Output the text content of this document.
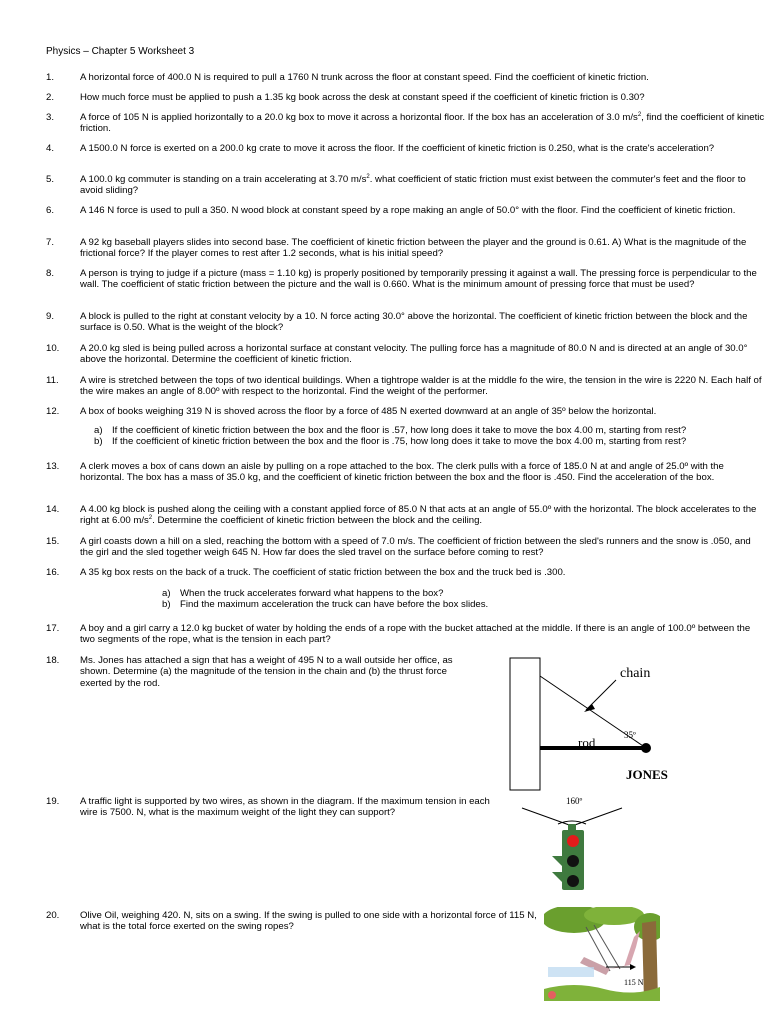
Physics – Chapter 5 Worksheet 3
1.	A horizontal force of 400.0 N is required to pull a 1760 N trunk across the floor at constant speed. Find the coefficient of kinetic friction.
2.	How much force must be applied to push a 1.35 kg book across the desk at constant speed if the coefficient of kinetic friction is 0.30?
3.	A force of 105 N is applied horizontally to a 20.0 kg box to move it across a horizontal floor. If the box has an acceleration of 3.0 $m/s^2$, find the coefficient of kinetic friction.
4.	A 1500.0 N force is exerted on a 200.0 kg crate to move it across the floor. If the coefficient of kinetic friction is 0.250, what is the crate's acceleration?
5.	A 100.0 kg commuter is standing on a train accelerating at 3.70 $m/s^2$. what coefficient of static friction must exist between the commuter's feet and the floor to avoid sliding?
6.	A 146 N force is used to pull a 350. N wood block at constant speed by a rope making an angle of 50.0° with the floor. Find the coefficient of kinetic friction.
7.	A 92 kg baseball players slides into second base. The coefficient of kinetic friction between the player and the ground is 0.61. A) What is the magnitude of the frictional force? If the player comes to rest after 1.2 seconds, what is his initial speed?
8.	A person is trying to judge if a picture (mass = 1.10 kg) is properly positioned by temporarily pressing it against a wall. The pressing force is perpendicular to the wall. The coefficient of static friction between the picture and the wall is 0.660. What is the minimum amount of pressing force that must be used?
9.	A block is pulled to the right at constant velocity by a 10. N force acting 30.0° above the horizontal. The coefficient of kinetic friction between the block and the surface is 0.50. What is the weight of the block?
10.	A 20.0 kg sled is being pulled across a horizontal surface at constant velocity. The pulling force has a magnitude of 80.0 N and is directed at an angle of 30.0° above the horizontal. Determine the coefficient of kinetic friction.
11.	A wire is stretched between the tops of two identical buildings. When a tightrope walder is at the middle fo the wire, the tension in the wire is 2220 N. Each half of the wire makes an angle of 8.00º with respect to the horizontal. Find the weight of the performer.
12.	A box of books weighing 319 N is shoved across the floor by a force of 485 N exerted downward at an angle of 35º below the horizontal.
a) If the coefficient of kinetic friction between the box and the floor is .57, how long does it take to move the box 4.00 m, starting from rest?
b) If the coefficient of kinetic friction between the box and the floor is .75, how long does it take to move the box 4.00 m, starting from rest?
13.	A clerk moves a box of cans down an aisle by pulling on a rope attached to the box. The clerk pulls with a force of 185.0 N at and angle of 25.0º with the horizontal. The box has a mass of 35.0 kg, and the coefficient of kinetic friction between the box and the floor is .450. Find the acceleration of the box.
14.	A 4.00 kg block is pushed along the ceiling with a constant applied force of 85.0 N that acts at an angle of 55.0º with the horizontal. The block accelerates to the right at 6.00 $m/s^2$. Determine the coefficient of kinetic friction between the block and the ceiling.
15.	A girl coasts down a hill on a sled, reaching the bottom with a speed of 7.0 m/s. The coefficient of friction between the sled's runners and the snow is .050, and the girl and the sled together weigh 645 N. How far does the sled travel on the surface before coming to rest?
16.	A 35 kg box rests on the back of a truck. The coefficient of static friction between the box and the truck bed is .300.
a) When the truck accelerates forward what happens to the box?
b) Find the maximum acceleration the truck can have before the box slides.
17.	A boy and a girl carry a 12.0 kg bucket of water by holding the ends of a rope with the bucket attached at the middle. If there is an angle of 100.0º between the two segments of the rope, what is the tension in each part?
18.	Ms. Jones has attached a sign that has a weight of 495 N to a wall outside her office, as shown. Determine (a) the magnitude of the tension in the chain and (b) the thrust force exerted by the rod.
19.	A traffic light is supported by two wires, as shown in the diagram. If the maximum tension in each wire is 7500. N, what is the maximum weight of the light they can support?
20.	Olive Oil, weighing 420. N, sits on a swing. If the swing is pulled to one side with a horizontal force of 115 N, what is the total force exerted on the swing ropes?
chain
35º
rod
JONES
160º
115 N
